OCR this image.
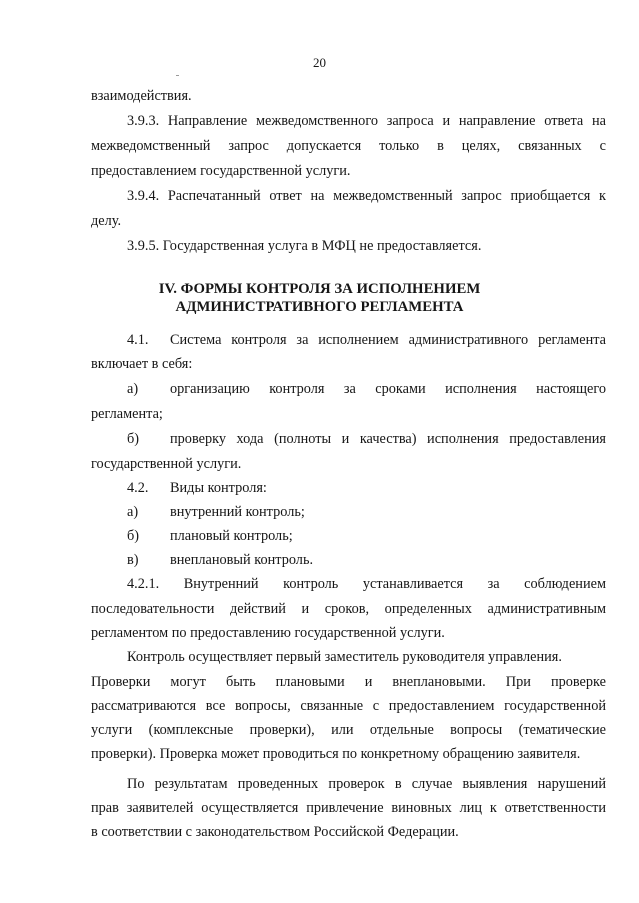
20

взаимодействия.

3.9.3. Направление межведомственного запроса и направление ответа на

межведомственный запрос допускается только в целях, связанных с

предоставлением государственной услуги.

3.9.4. Распечатанный ответ на межведомственный запрос приобщается к

делу.

3.9.5. Государственная услуга в МФЦ не предоставляется.

IV. ФОРМЫ КОНТРОЛЯ ЗА ИСПОЛНЕНИЕМ

АДМИНИСТРАТИВНОГО РЕГЛАМЕНТА

4.1. Система контроля за исполнением административного регламента

включает в себя:

а) организацию контроля за сроками исполнения настоящего

регламента;

б) проверку хода (полноты и качества) исполнения предоставления

государственной услуги.

4.2. Виды контроля:

а) внутренний контроль;

б) плановый контроль;

в) внеплановый контроль.

4.2.1. Внутренний контроль устанавливается за соблюдением

последовательности действий и сроков, определенных административным

регламентом по предоставлению государственной услуги.

Контроль осуществляет первый заместитель руководителя управления.

Проверки могут быть плановыми и внеплановыми. При проверке

рассматриваются все вопросы, связанные с предоставлением государственной

услуги (комплексные проверки), или отдельные вопросы (тематические

проверки). Проверка может проводиться по конкретному обращению заявителя.

По результатам проведенных проверок в случае выявления нарушений

прав заявителей осуществляется привлечение виновных лиц к ответственности

в соответствии с законодательством Российской Федерации.
